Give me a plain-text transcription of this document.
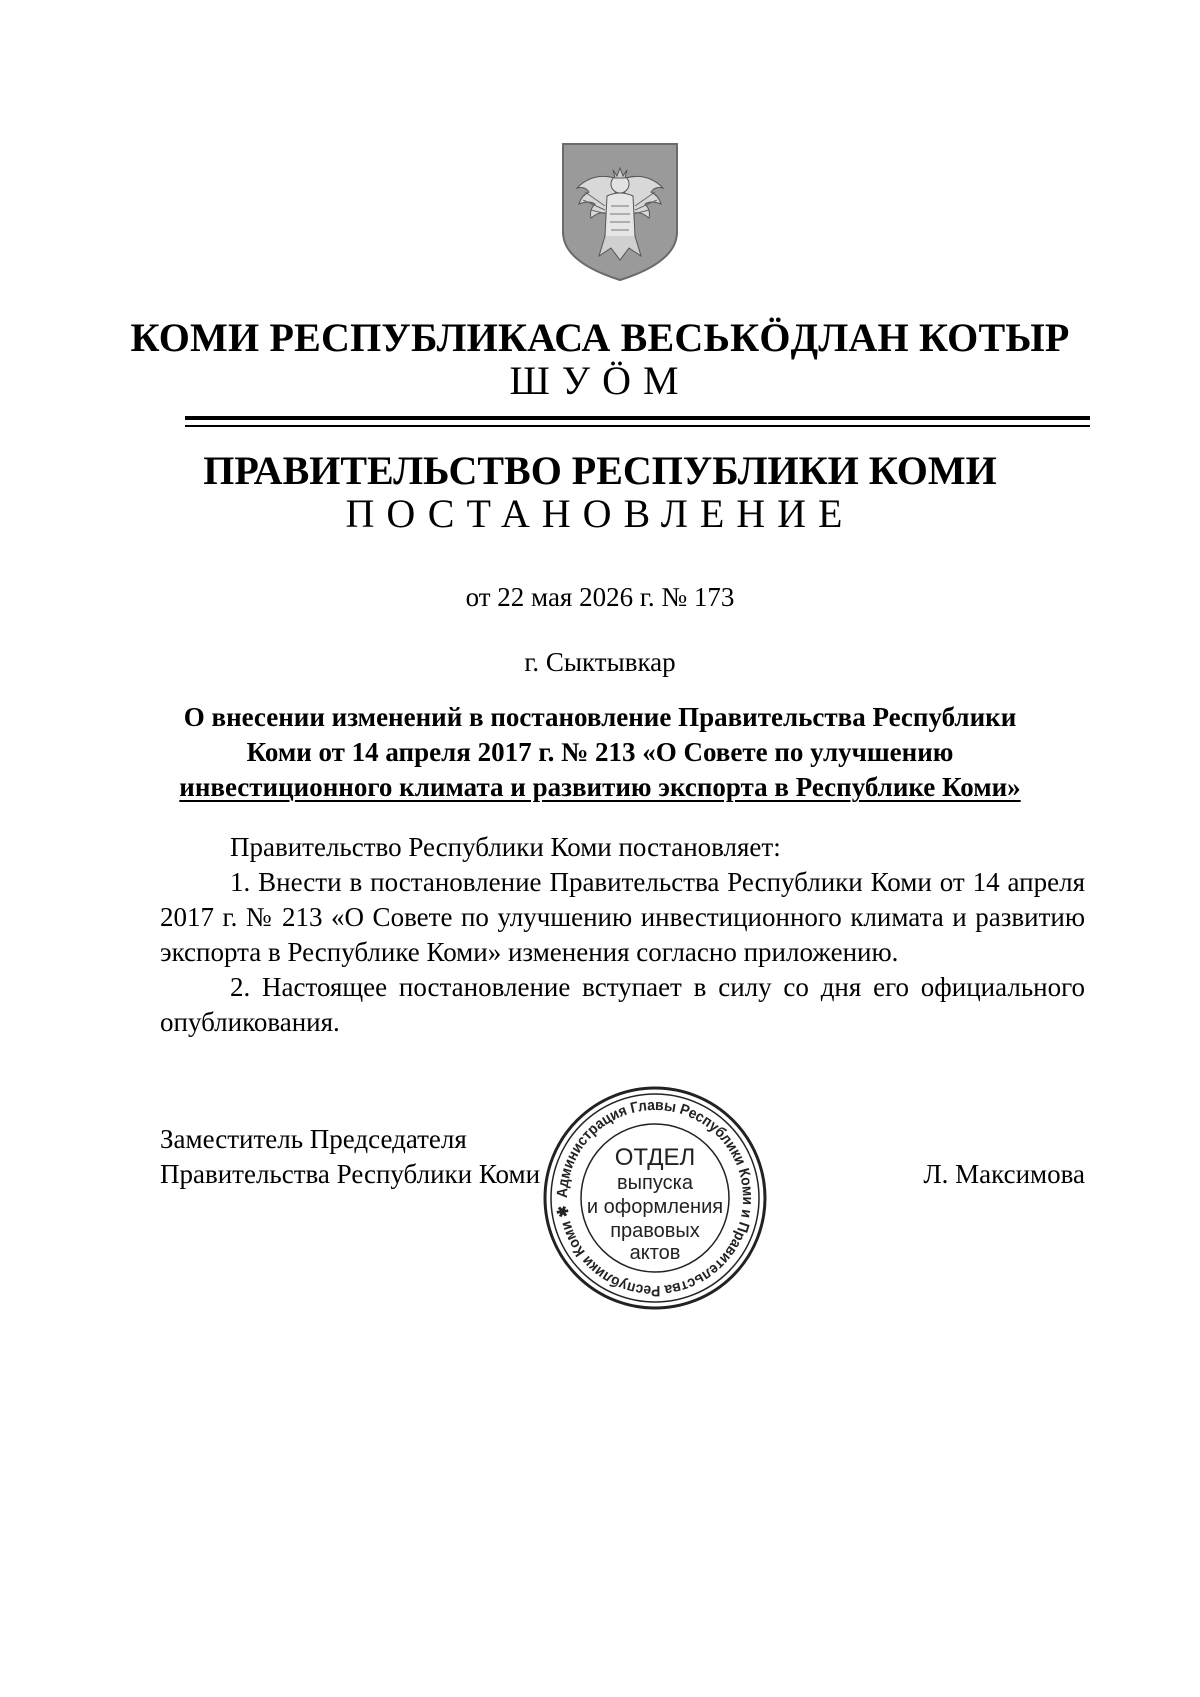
КОМИ РЕСПУБЛИКАСА ВЕСЬКӦДЛАН КОТЫР
ШУӦМ
ПРАВИТЕЛЬСТВО РЕСПУБЛИКИ КОМИ
ПОСТАНОВЛЕНИЕ
от 22 мая 2026 г. № 173
г. Сыктывкар
О внесении изменений в постановление Правительства Республики
Коми от 14 апреля 2017 г. № 213 «О Совете по улучшению
инвестиционного климата и развитию экспорта в Республике Коми»

Правительство Республики Коми постановляет:

1. Внести в постановление Правительства Республики Коми от 14 апреля 2017 г. № 213 «О Совете по улучшению инвестиционного климата и развитию экспорта в Республике Коми» изменения согласно приложению.

2. Настоящее постановление вступает в силу со дня его официального опубликования.

Заместитель Председателя
Правительства Республики Коми	Л. Максимова
Администрация Главы Республики Коми и Правительства Республики Коми ✱
ОТДЕЛ
выпуска
и оформления
правовых
актов
